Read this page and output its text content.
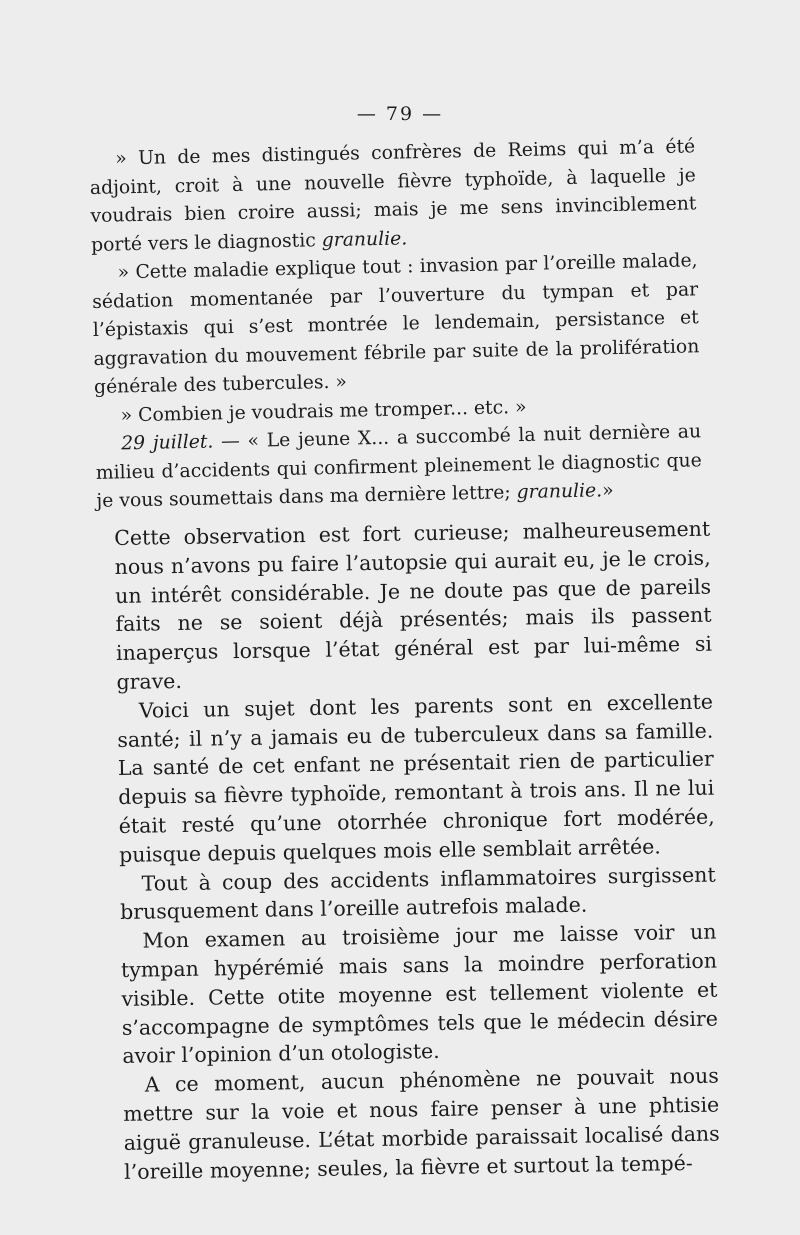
— 79 —

» Un de mes distingués confrères de Reims qui m’a été adjoint, croit à une nouvelle fièvre typhoïde, à laquelle je voudrais bien croire aussi; mais je me sens invinciblement porté vers le diagnostic granulie.

» Cette maladie explique tout : invasion par l’oreille malade, sédation momentanée par l’ouverture du tympan et par l’épistaxis qui s’est montrée le lendemain, persistance et aggravation du mouvement fébrile par suite de la prolifération générale des tubercules. »

» Combien je voudrais me tromper... etc. »

29 juillet. — « Le jeune X... a succombé la nuit dernière au milieu d’accidents qui confirment pleinement le diagnostic que je vous soumettais dans ma dernière lettre; granulie.»

Cette observation est fort curieuse; malheureusement nous n’avons pu faire l’autopsie qui aurait eu, je le crois, un intérêt considérable. Je ne doute pas que de pareils faits ne se soient déjà présentés; mais ils passent inaperçus lorsque l’état général est par lui-même si grave.

Voici un sujet dont les parents sont en excellente santé; il n’y a jamais eu de tuberculeux dans sa famille. La santé de cet enfant ne présentait rien de particulier depuis sa fièvre typhoïde, remontant à trois ans. Il ne lui était resté qu’une otorrhée chronique fort modérée, puisque depuis quelques mois elle semblait arrêtée.

Tout à coup des accidents inflammatoires surgissent brusquement dans l’oreille autrefois malade.

Mon examen au troisième jour me laisse voir un tympan hypérémié mais sans la moindre perforation visible. Cette otite moyenne est tellement violente et s’accompagne de symptômes tels que le médecin désire avoir l’opinion d’un otologiste.

A ce moment, aucun phénomène ne pouvait nous mettre sur la voie et nous faire penser à une phtisie aiguë granuleuse. L’état morbide paraissait localisé dans l’oreille moyenne; seules, la fièvre et surtout la tempé-
